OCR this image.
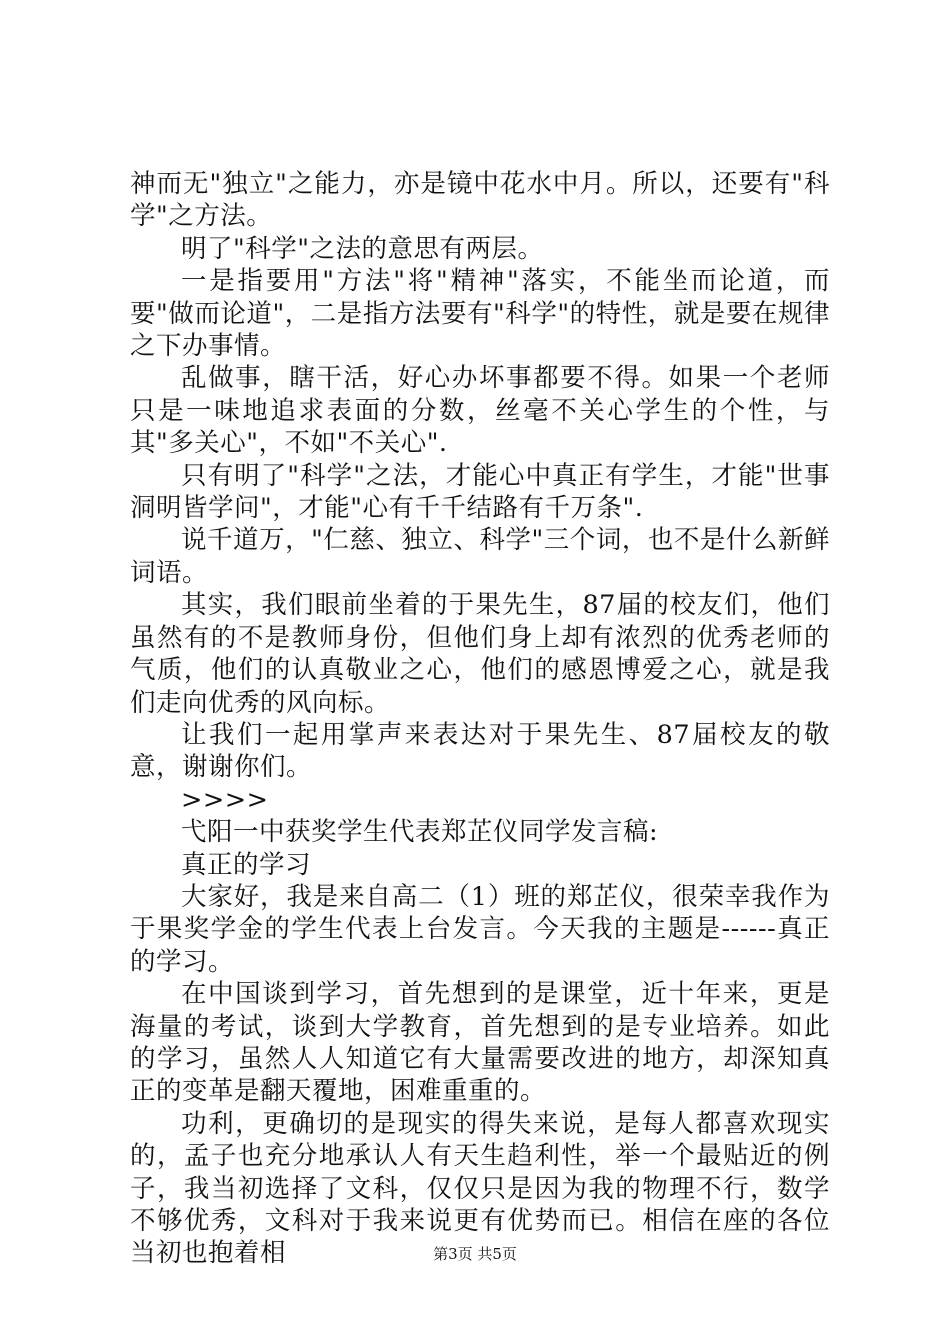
神而无"独立"之能力，亦是镜中花水中月。所以，还要有"科学"之方法。

明了"科学"之法的意思有两层。

一是指要用"方法"将"精神"落实，不能坐而论道，而要"做而论道"，二是指方法要有"科学"的特性，就是要在规律之下办事情。

乱做事，瞎干活，好心办坏事都要不得。如果一个老师只是一味地追求表面的分数，丝毫不关心学生的个性，与其"多关心"，不如"不关心".

只有明了"科学"之法，才能心中真正有学生，才能"世事洞明皆学问"，才能"心有千千结路有千万条".

说千道万，"仁慈、独立、科学"三个词，也不是什么新鲜词语。

其实，我们眼前坐着的于果先生，87届的校友们，他们虽然有的不是教师身份，但他们身上却有浓烈的优秀老师的气质，他们的认真敬业之心，他们的感恩博爱之心，就是我们走向优秀的风向标。

让我们一起用掌声来表达对于果先生、87届校友的敬意，谢谢你们。

>>>>

弋阳一中获奖学生代表郑芷仪同学发言稿:

真正的学习

大家好，我是来自高二（1）班的郑芷仪，很荣幸我作为于果奖学金的学生代表上台发言。今天我的主题是------真正的学习。

在中国谈到学习，首先想到的是课堂，近十年来，更是海量的考试，谈到大学教育，首先想到的是专业培养。如此的学习，虽然人人知道它有大量需要改进的地方，却深知真正的变革是翻天覆地，困难重重的。

功利，更确切的是现实的得失来说，是每人都喜欢现实的，孟子也充分地承认人有天生趋利性，举一个最贴近的例子，我当初选择了文科，仅仅只是因为我的物理不行，数学不够优秀，文科对于我来说更有优势而已。相信在座的各位当初也抱着相	第3页 共5页
